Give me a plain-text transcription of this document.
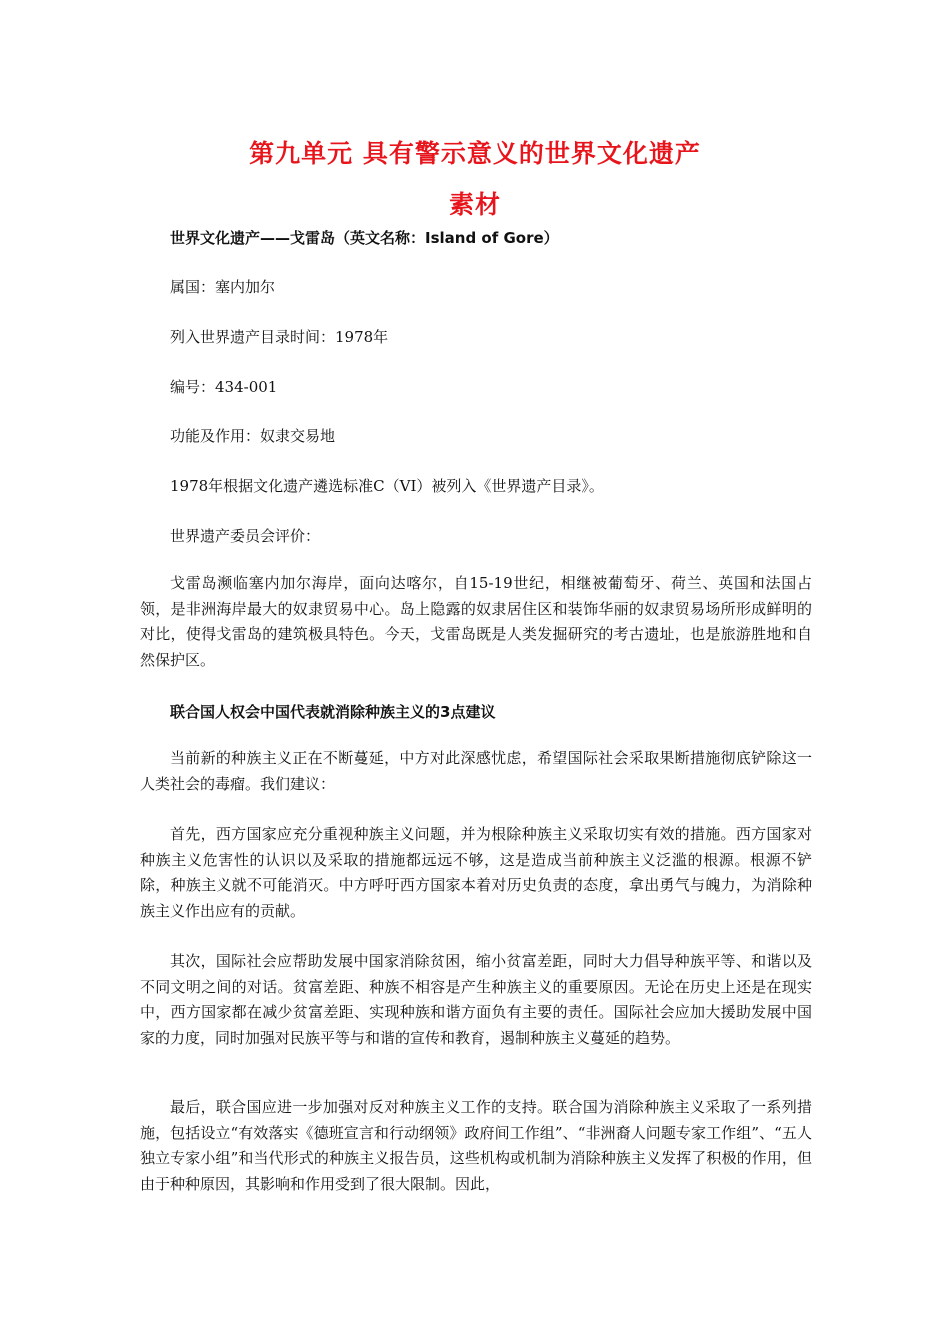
第九单元 具有警示意义的世界文化遗产
素材

世界文化遗产——戈雷岛（英文名称：Island of Gore）

属国：塞内加尔

列入世界遗产目录时间：1978年

编号：434-001

功能及作用：奴隶交易地

1978年根据文化遗产遴选标准C（VI）被列入《世界遗产目录》。

世界遗产委员会评价：

戈雷岛濒临塞内加尔海岸，面向达喀尔，自15-19世纪，相继被葡萄牙、荷兰、英国和法国占领，是非洲海岸最大的奴隶贸易中心。岛上隐露的奴隶居住区和装饰华丽的奴隶贸易场所形成鲜明的对比，使得戈雷岛的建筑极具特色。今天，戈雷岛既是人类发掘研究的考古遗址，也是旅游胜地和自然保护区。

联合国人权会中国代表就消除种族主义的3点建议

当前新的种族主义正在不断蔓延，中方对此深感忧虑，希望国际社会采取果断措施彻底铲除这一人类社会的毒瘤。我们建议：

首先，西方国家应充分重视种族主义问题，并为根除种族主义采取切实有效的措施。西方国家对种族主义危害性的认识以及采取的措施都远远不够，这是造成当前种族主义泛滥的根源。根源不铲除，种族主义就不可能消灭。中方呼吁西方国家本着对历史负责的态度，拿出勇气与魄力，为消除种族主义作出应有的贡献。

其次，国际社会应帮助发展中国家消除贫困，缩小贫富差距，同时大力倡导种族平等、和谐以及不同文明之间的对话。贫富差距、种族不相容是产生种族主义的重要原因。无论在历史上还是在现实中，西方国家都在减少贫富差距、实现种族和谐方面负有主要的责任。国际社会应加大援助发展中国家的力度，同时加强对民族平等与和谐的宣传和教育，遏制种族主义蔓延的趋势。

最后，联合国应进一步加强对反对种族主义工作的支持。联合国为消除种族主义采取了一系列措施，包括设立“有效落实《德班宣言和行动纲领》政府间工作组”、“非洲裔人问题专家工作组”、“五人独立专家小组”和当代形式的种族主义报告员，这些机构或机制为消除种族主义发挥了积极的作用，但由于种种原因，其影响和作用受到了很大限制。因此，
